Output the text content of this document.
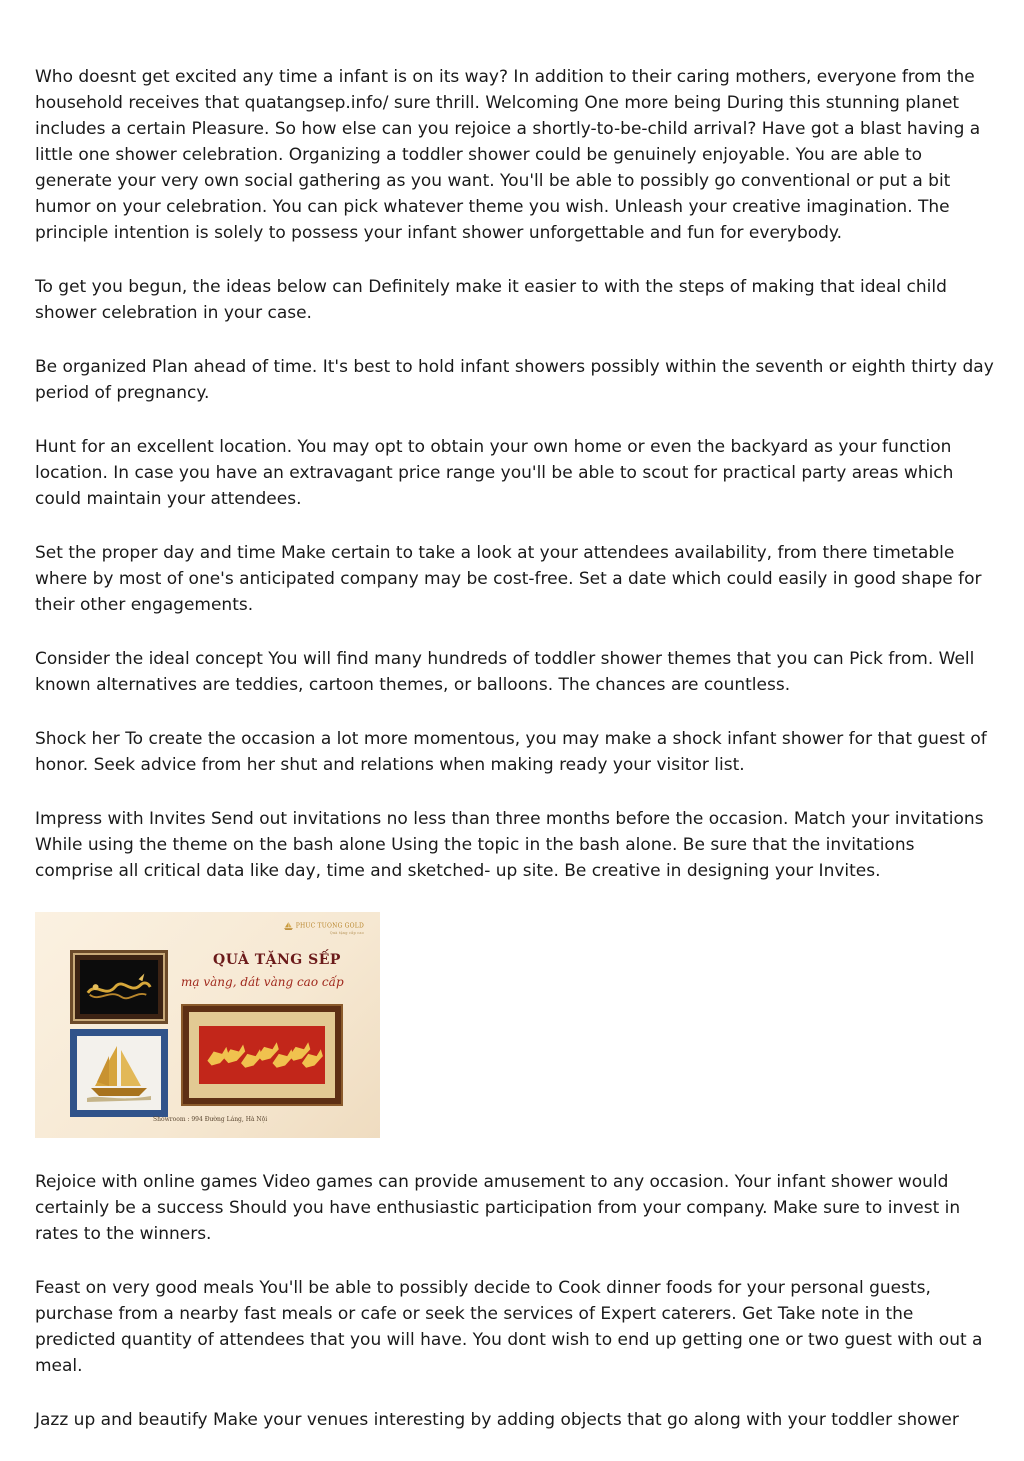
Who doesnt get excited any time a infant is on its way? In addition to their caring mothers, everyone from the household receives that quatangsep.info/ sure thrill. Welcoming One more being During this stunning planet includes a certain Pleasure. So how else can you rejoice a shortly-to-be-child arrival? Have got a blast having a little one shower celebration. Organizing a toddler shower could be genuinely enjoyable. You are able to generate your very own social gathering as you want. You'll be able to possibly go conventional or put a bit humor on your celebration. You can pick whatever theme you wish. Unleash your creative imagination. The principle intention is solely to possess your infant shower unforgettable and fun for everybody.

To get you begun, the ideas below can Definitely make it easier to with the steps of making that ideal child shower celebration in your case.

Be organized Plan ahead of time. It's best to hold infant showers possibly within the seventh or eighth thirty day period of pregnancy.

Hunt for an excellent location. You may opt to obtain your own home or even the backyard as your function location. In case you have an extravagant price range you'll be able to scout for practical party areas which could maintain your attendees.

Set the proper day and time Make certain to take a look at your attendees availability, from there timetable where by most of one's anticipated company may be cost-free. Set a date which could easily in good shape for their other engagements.

Consider the ideal concept You will find many hundreds of toddler shower themes that you can Pick from. Well known alternatives are teddies, cartoon themes, or balloons. The chances are countless.

Shock her To create the occasion a lot more momentous, you may make a shock infant shower for that guest of honor. Seek advice from her shut and relations when making ready your visitor list.

Impress with Invites Send out invitations no less than three months before the occasion. Match your invitations While using the theme on the bash alone Using the topic in the bash alone. Be sure that the invitations comprise all critical data like day, time and sketched- up site. Be creative in designing your Invites.

PHUC TUONG GOLD
Quà tặng cấp cao
QUÀ TẶNG SẾP
mạ vàng, dát vàng cao cấp
Showroom : 994 Đường Láng, Hà Nội

Rejoice with online games Video games can provide amusement to any occasion. Your infant shower would certainly be a success Should you have enthusiastic participation from your company. Make sure to invest in rates to the winners.

Feast on very good meals You'll be able to possibly decide to Cook dinner foods for your personal guests, purchase from a nearby fast meals or cafe or seek the services of Expert caterers. Get Take note in the predicted quantity of attendees that you will have. You dont wish to end up getting one or two guest with out a meal.

Jazz up and beautify Make your venues interesting by adding objects that go along with your toddler shower
